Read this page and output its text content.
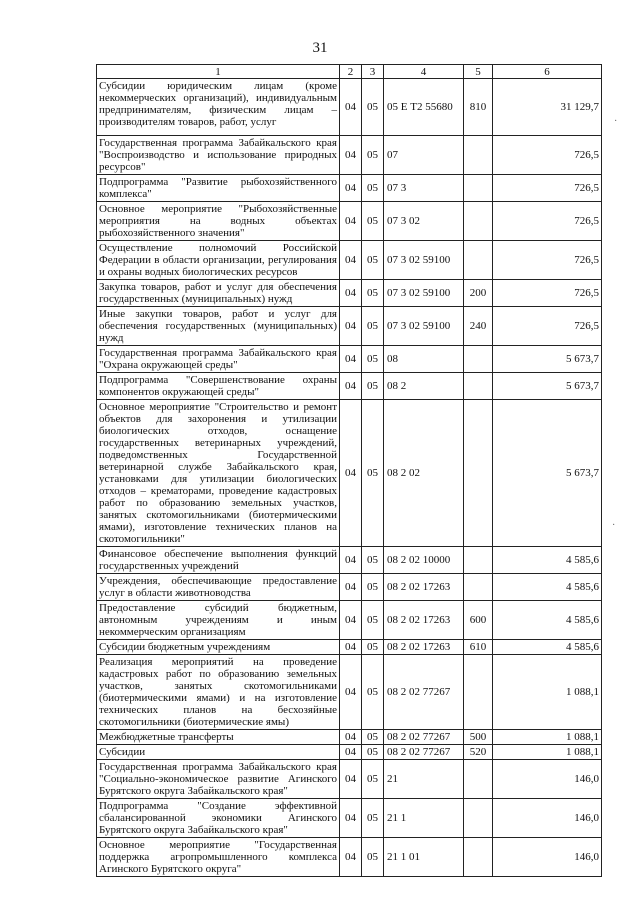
31
1	2	3	4	5	6
Субсидии юридическим лицам (кроме некоммерческих организаций), индивидуальным предпринимателям, физическим лицам – производителям товаров, работ, услуг	04	05	05 Е Т2 55680	810	31 129,7
Государственная программа Забайкальского края "Воспроизводство и использование природных ресурсов"	04	05	07		726,5
Подпрограмма "Развитие рыбохозяйственного комплекса"	04	05	07 3		726,5
Основное мероприятие "Рыбохозяйственные мероприятия на водных объектах рыбохозяйственного значения"	04	05	07 3 02		726,5
Осуществление полномочий Российской Федерации в области организации, регулирования и охраны водных биологических ресурсов	04	05	07 3 02 59100		726,5
Закупка товаров, работ и услуг для обеспечения государственных (муниципальных) нужд	04	05	07 3 02 59100	200	726,5
Иные закупки товаров, работ и услуг для обеспечения государственных (муниципальных) нужд	04	05	07 3 02 59100	240	726,5
Государственная программа Забайкальского края "Охрана окружающей среды"	04	05	08		5 673,7
Подпрограмма "Совершенствование охраны компонентов окружающей среды"	04	05	08 2		5 673,7
Основное мероприятие "Строительство и ремонт объектов для захоронения и утилизации биологических отходов, оснащение государственных ветеринарных учреждений, подведомственных Государственной ветеринарной службе Забайкальского края, установками для утилизации биологических отходов – крематорами, проведение кадастровых работ по образованию земельных участков, занятых скотомогильниками (биотермическими ямами), изготовление технических планов на скотомогильники"	04	05	08 2 02		5 673,7
Финансовое обеспечение выполнения функций государственных учреждений	04	05	08 2 02 10000		4 585,6
Учреждения, обеспечивающие предоставление услуг в области животноводства	04	05	08 2 02 17263		4 585,6
Предоставление субсидий бюджетным, автономным учреждениям и иным некоммерческим организациям	04	05	08 2 02 17263	600	4 585,6
Субсидии бюджетным учреждениям	04	05	08 2 02 17263	610	4 585,6
Реализация мероприятий на проведение кадастровых работ по образованию земельных участков, занятых скотомогильниками (биотермическими ямами) и на изготовление технических планов на бесхозяйные скотомогильники (биотермические ямы)	04	05	08 2 02 77267		1 088,1
Межбюджетные трансферты	04	05	08 2 02 77267	500	1 088,1
Субсидии	04	05	08 2 02 77267	520	1 088,1
Государственная программа Забайкальского края "Социально-экономическое развитие Агинского Бурятского округа Забайкальского края"	04	05	21		146,0
Подпрограмма "Создание эффективной сбалансированной экономики Агинского Бурятского округа Забайкальского края"	04	05	21 1		146,0
Основное мероприятие "Государственная поддержка агропромышленного комплекса Агинского Бурятского округа"	04	05	21 1 01		146,0
·
·
